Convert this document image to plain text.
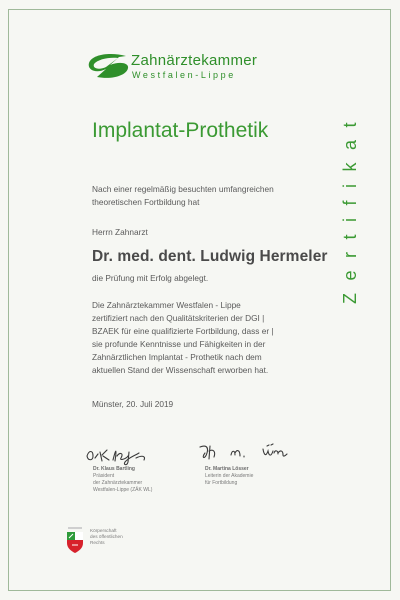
Zahnärztekammer
Westfalen-Lippe
Implantat-Prothetik	Zertifikat
Nach einer regelmäßig besuchten umfangreichen
theoretischen Fortbildung hat
Herrn Zahnarzt
Dr. med. dent. Ludwig Hermeler
die Prüfung mit Erfolg abgelegt.
Die Zahnärztekammer Westfalen - Lippe
zertifiziert nach den Qualitätskriterien der DGI |
BZAEK für eine qualifizierte Fortbildung, dass er |
sie profunde Kenntnisse und Fähigkeiten in der
Zahnärztlichen Implantat - Prothetik nach dem
aktuellen Stand der Wissenschaft erworben hat.
Münster, 20. Juli 2019
Dr. Klaus Bartling
Präsident
der Zahnärztekammer
Westfalen-Lippe (ZÄK WL)
Dr. Martina Lösser
Leiterin der Akademie
für Fortbildung
Körperschaft
des öffentlichen
Rechts
